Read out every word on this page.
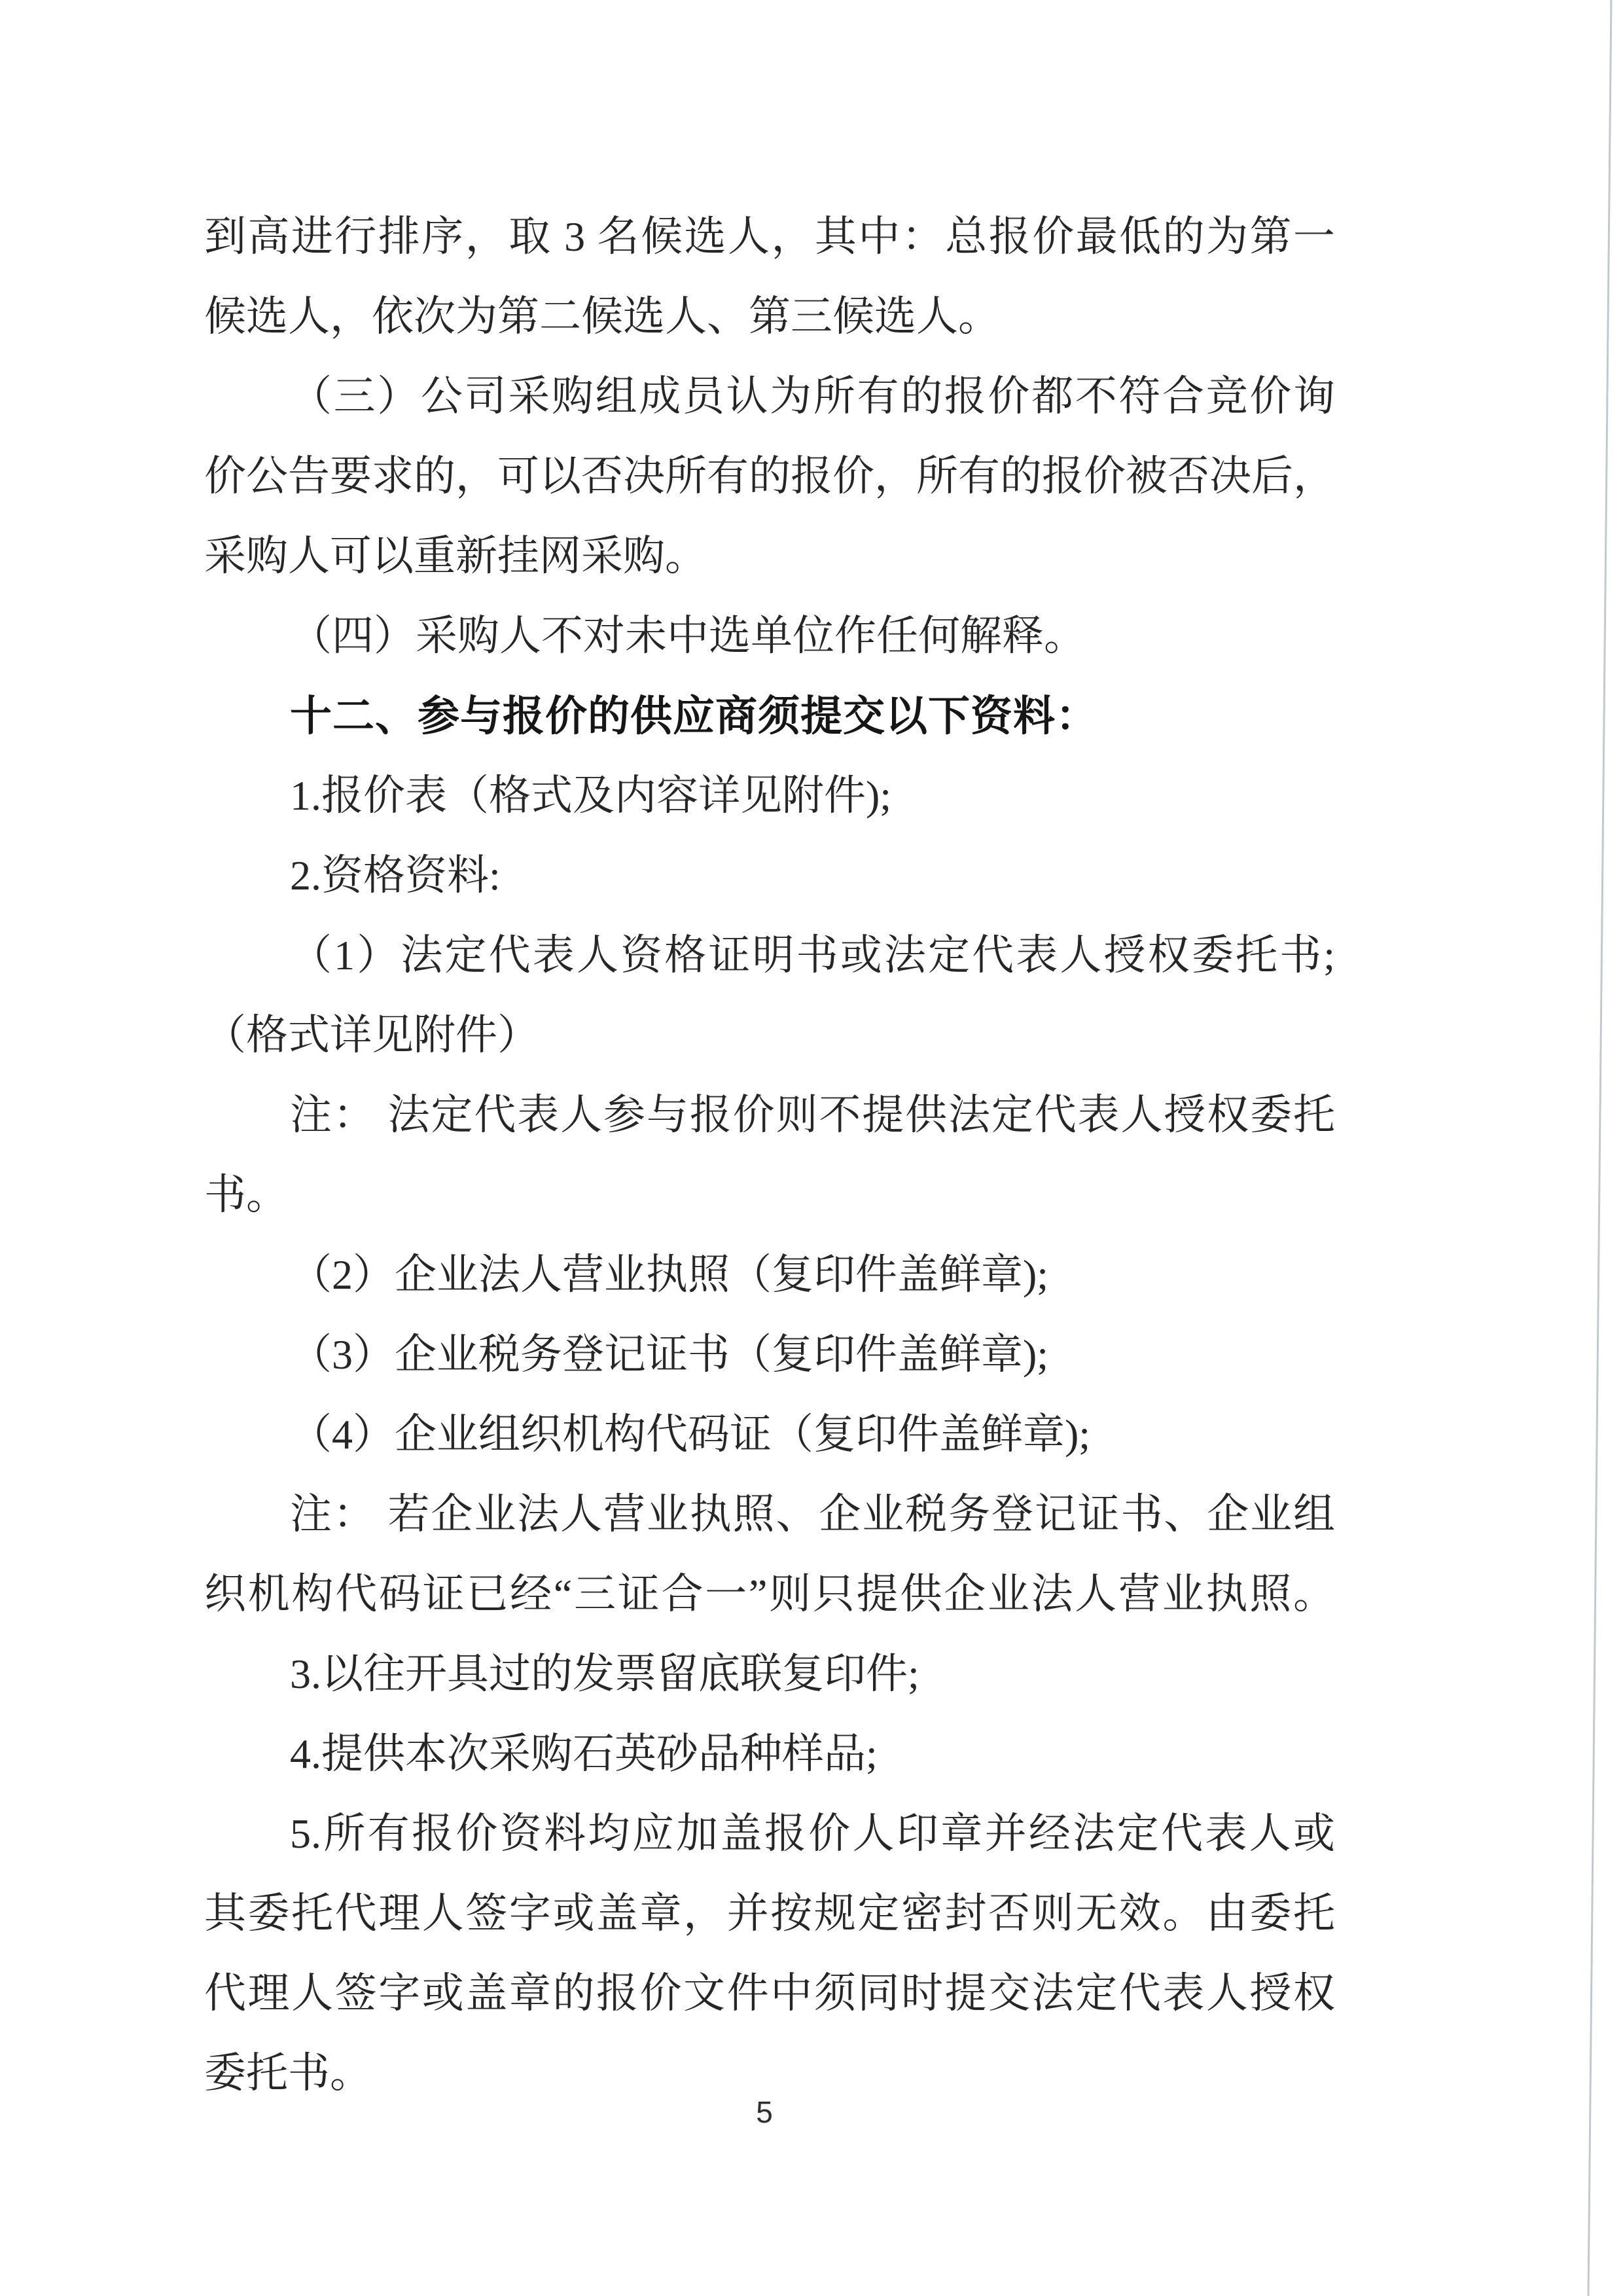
到高进行排序，取 3 名候选人，其中：总报价最低的为第一
候选人，依次为第二候选人、第三候选人。
（三）公司采购组成员认为所有的报价都不符合竞价询
价公告要求的，可以否决所有的报价，所有的报价被否决后，
采购人可以重新挂网采购。
（四）采购人不对未中选单位作任何解释。
十二、参与报价的供应商须提交以下资料：
1.报价表（格式及内容详见附件);
2.资格资料:
（1）法定代表人资格证明书或法定代表人授权委托书;
（格式详见附件）
注： 法定代表人参与报价则不提供法定代表人授权委托
书。
（2）企业法人营业执照（复印件盖鲜章);
（3）企业税务登记证书（复印件盖鲜章);
（4）企业组织机构代码证（复印件盖鲜章);
注： 若企业法人营业执照、企业税务登记证书、企业组
织机构代码证已经“三证合一”则只提供企业法人营业执照。
3.以往开具过的发票留底联复印件;
4.提供本次采购石英砂品种样品;
5.所有报价资料均应加盖报价人印章并经法定代表人或
其委托代理人签字或盖章，并按规定密封否则无效。由委托
代理人签字或盖章的报价文件中须同时提交法定代表人授权
委托书。
5
